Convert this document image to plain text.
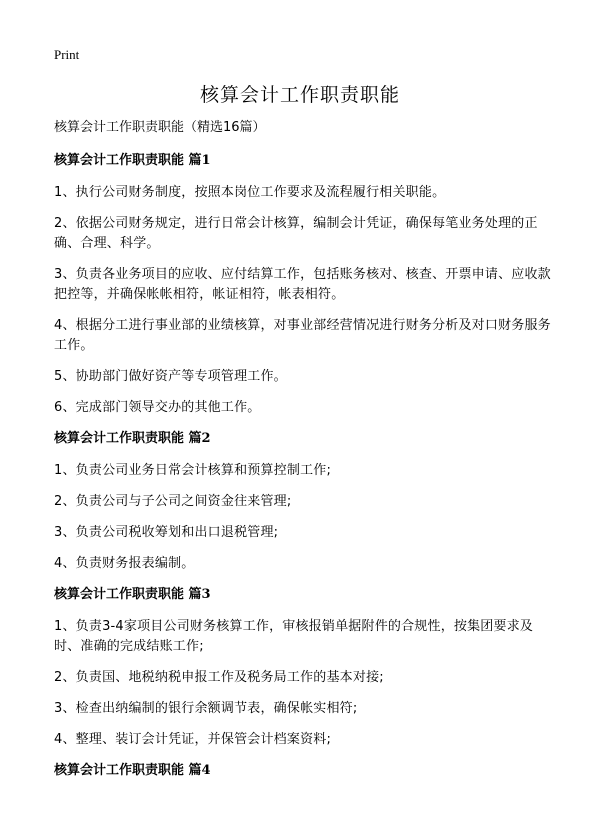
Print
核算会计工作职责职能

核算会计工作职责职能（精选16篇）

核算会计工作职责职能 篇1

1、执行公司财务制度，按照本岗位工作要求及流程履行相关职能。

2、依据公司财务规定，进行日常会计核算，编制会计凭证，确保每笔业务处理的正确、合理、科学。

3、负责各业务项目的应收、应付结算工作，包括账务核对、核查、开票申请、应收款把控等，并确保帐帐相符，帐证相符，帐表相符。

4、根据分工进行事业部的业绩核算，对事业部经营情况进行财务分析及对口财务服务工作。

5、协助部门做好资产等专项管理工作。

6、完成部门领导交办的其他工作。

核算会计工作职责职能 篇2

1、负责公司业务日常会计核算和预算控制工作;

2、负责公司与子公司之间资金往来管理;

3、负责公司税收筹划和出口退税管理;

4、负责财务报表编制。

核算会计工作职责职能 篇3

1、负责3-4家项目公司财务核算工作，审核报销单据附件的合规性，按集团要求及时、准确的完成结账工作;

2、负责国、地税纳税申报工作及税务局工作的基本对接;

3、检查出纳编制的银行余额调节表，确保帐实相符;

4、整理、装订会计凭证，并保管会计档案资料;

核算会计工作职责职能 篇4
